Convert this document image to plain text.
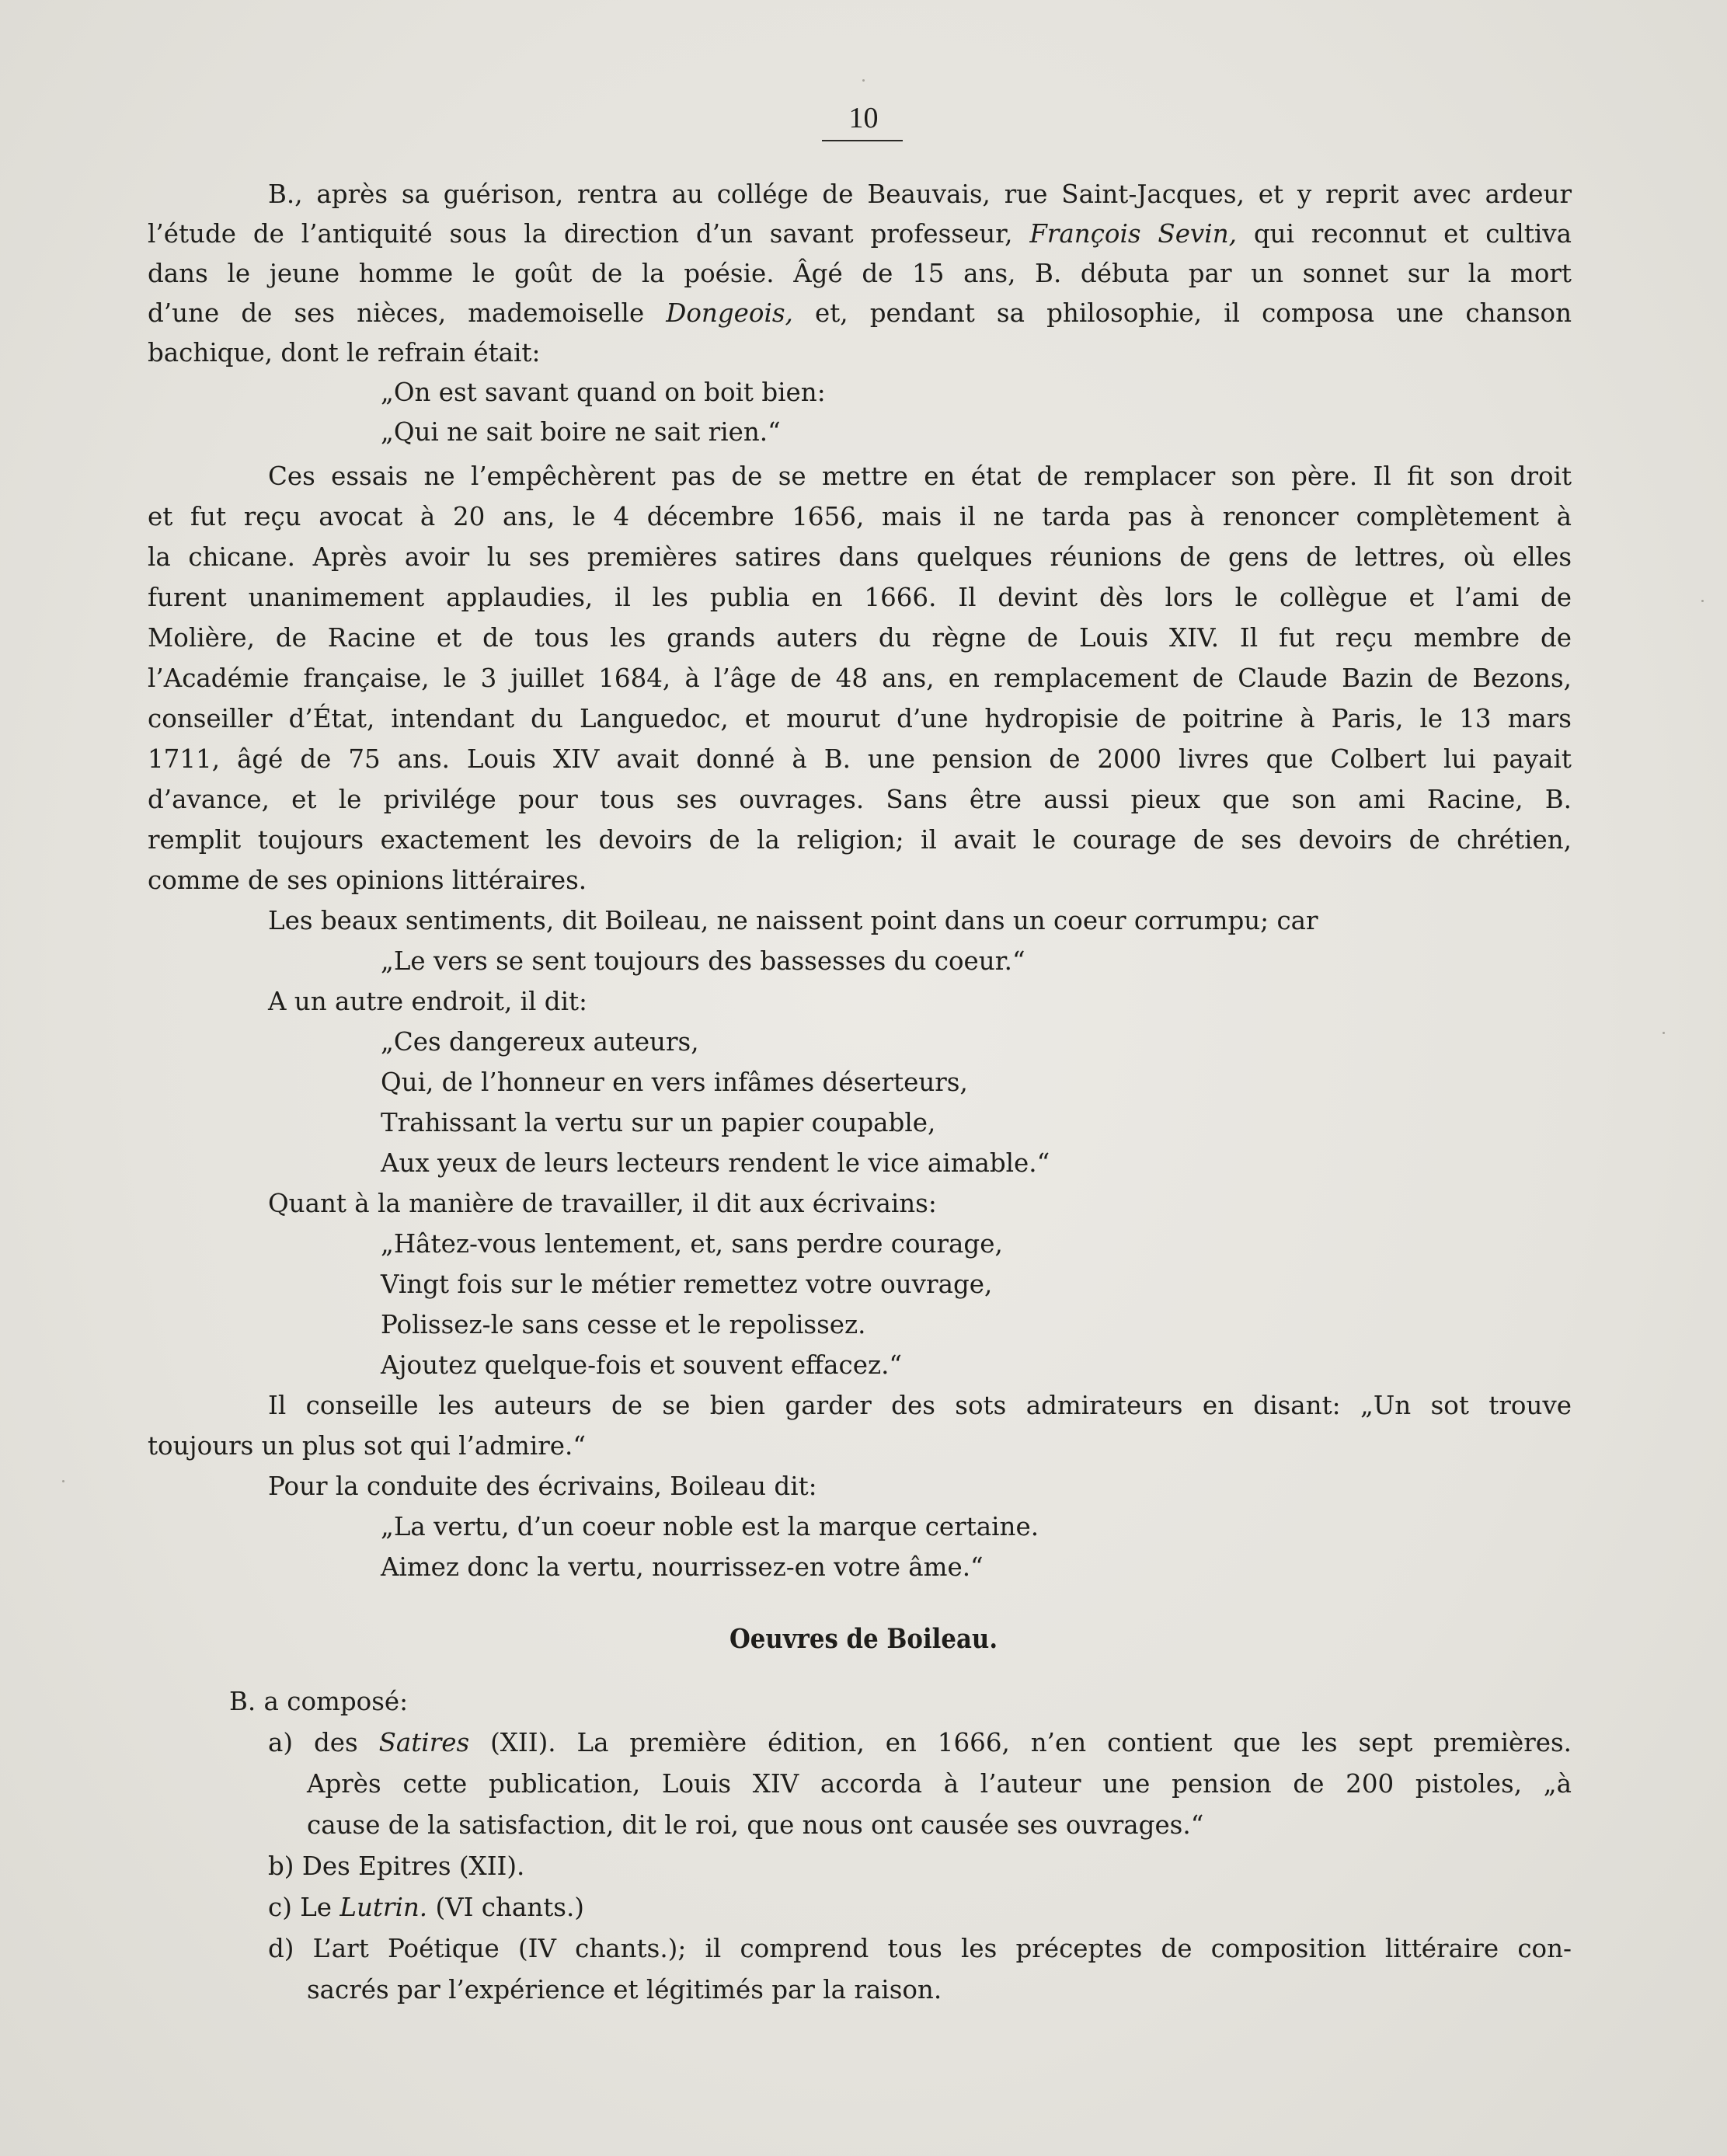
10
B., après sa guérison, rentra au collége de Beauvais, rue Saint-Jacques, et y reprit avec ardeur
l’étude de l’antiquité sous la direction d’un savant professeur, François Sevin, qui reconnut et cultiva
dans le jeune homme le goût de la poésie. Âgé de 15 ans, B. débuta par un sonnet sur la mort
d’une de ses nièces, mademoiselle Dongeois, et, pendant sa philosophie, il composa une chanson
bachique, dont le refrain était:
„On est savant quand on boit bien:
„Qui ne sait boire ne sait rien.“
Ces essais ne l’empêchèrent pas de se mettre en état de remplacer son père. Il fit son droit
et fut reçu avocat à 20 ans, le 4 décembre 1656, mais il ne tarda pas à renoncer complètement à
la chicane. Après avoir lu ses premières satires dans quelques réunions de gens de lettres, où elles
furent unanimement applaudies, il les publia en 1666. Il devint dès lors le collègue et l’ami de
Molière, de Racine et de tous les grands auters du règne de Louis XIV. Il fut reçu membre de
l’Académie française, le 3 juillet 1684, à l’âge de 48 ans, en remplacement de Claude Bazin de Bezons,
conseiller d’État, intendant du Languedoc, et mourut d’une hydropisie de poitrine à Paris, le 13 mars
1711, âgé de 75 ans. Louis XIV avait donné à B. une pension de 2000 livres que Colbert lui payait
d’avance, et le privilége pour tous ses ouvrages. Sans être aussi pieux que son ami Racine, B.
remplit toujours exactement les devoirs de la religion; il avait le courage de ses devoirs de chrétien,
comme de ses opinions littéraires.
Les beaux sentiments, dit Boileau, ne naissent point dans un coeur corrumpu; car
„Le vers se sent toujours des bassesses du coeur.“
A un autre endroit, il dit:
„Ces dangereux auteurs,
Qui, de l’honneur en vers infâmes déserteurs,
Trahissant la vertu sur un papier coupable,
Aux yeux de leurs lecteurs rendent le vice aimable.“
Quant à la manière de travailler, il dit aux écrivains:
„Hâtez-vous lentement, et, sans perdre courage,
Vingt fois sur le métier remettez votre ouvrage,
Polissez-le sans cesse et le repolissez.
Ajoutez quelque-fois et souvent effacez.“
Il conseille les auteurs de se bien garder des sots admirateurs en disant: „Un sot trouve
toujours un plus sot qui l’admire.“
Pour la conduite des écrivains, Boileau dit:
„La vertu, d’un coeur noble est la marque certaine.
Aimez donc la vertu, nourrissez-en votre âme.“
Oeuvres de Boileau.
B. a composé:
a) des Satires (XII). La première édition, en 1666, n’en contient que les sept premières.
Après cette publication, Louis XIV accorda à l’auteur une pension de 200 pistoles, „à
cause de la satisfaction, dit le roi, que nous ont causée ses ouvrages.“
b) Des Epitres (XII).
c) Le Lutrin. (VI chants.)
d) L’art Poétique (IV chants.); il comprend tous les préceptes de composition littéraire con-
sacrés par l’expérience et légitimés par la raison.
